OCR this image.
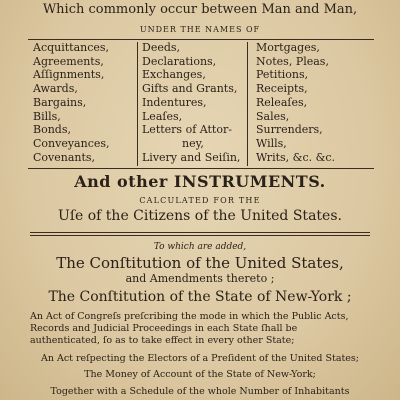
Which commonly occur between Man and Man,
UNDER THE NAMES OF
Acquittances,
Agreements,
Aſſignments,
Awards,
Bargains,
Bills,
Bonds,
Conveyances,
Covenants,
Deeds,
Declarations,
Exchanges,
Gifts and Grants,
Indentures,
Leaſes,
Letters of Attor-
ney,
Livery and Seiſin,
Mortgages,
Notes, Pleas,
Petitions,
Receipts,
Releaſes,
Sales,
Surrenders,
Wills,
Writs, &c. &c.
And other INSTRUMENTS.
CALCULATED FOR THE
Uſe of the Citizens of the United States.
To which are added,
The Conſtitution of the United States,
and Amendments thereto ;
The Conſtitution of the State of New-York ;
An Act of Congreſs preſcribing the mode in which the Public Acts, Records and Judicial Proceedings in each State ſhall be authenticated, ſo as to take effect in every other State;
An Act reſpecting the Electors of a Preſident of the United States;
The Money of Account of the State of New-York;
Together with a Schedule of the whole Number of Inhabitants
